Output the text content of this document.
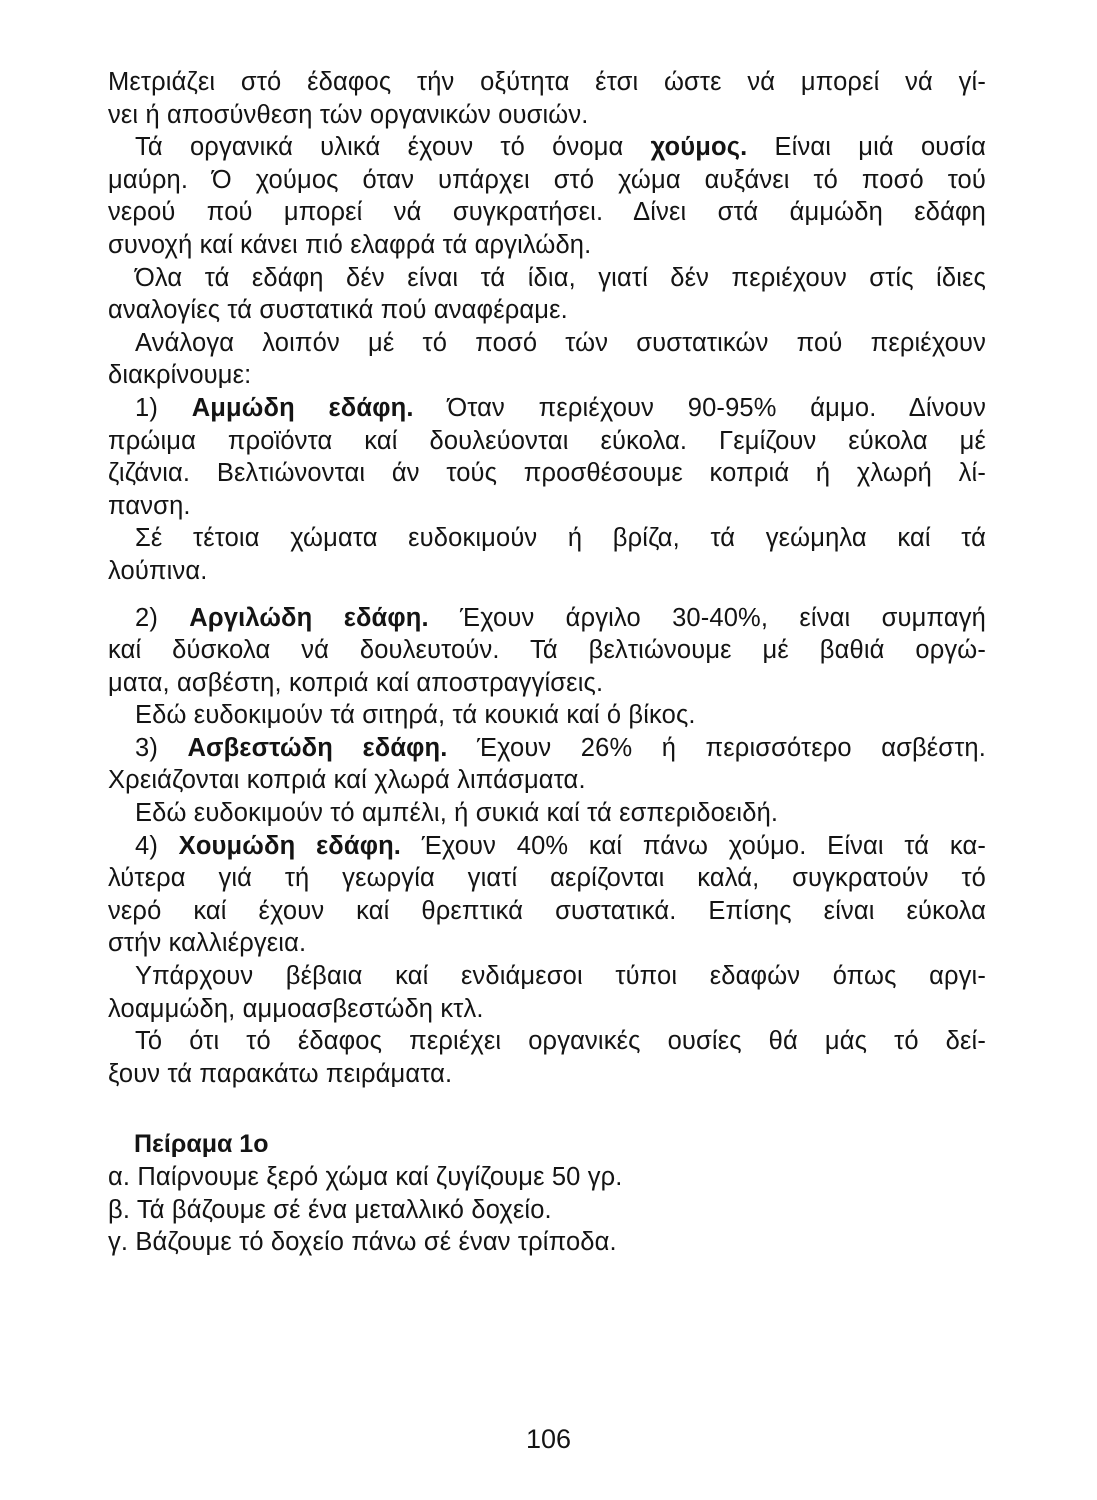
Μετριάζει στό έδαφος τήν οξύτητα έτσι ώστε νά μπορεί νά γί-
νει ή αποσύνθεση τών οργανικών ουσιών.
Τά οργανικά υλικά έχουν τό όνομα χούμος. Είναι μιά ουσία
μαύρη. Ό χούμος όταν υπάρχει στό χώμα αυξάνει τό ποσό τού
νερού πού μπορεί νά συγκρατήσει. Δίνει στά άμμώδη εδάφη
συνοχή καί κάνει πιό ελαφρά τά αργιλώδη.
Όλα τά εδάφη δέν είναι τά ίδια, γιατί δέν περιέχουν στίς ίδιες
αναλογίες τά συστατικά πού αναφέραμε.
Ανάλογα λοιπόν μέ τό ποσό τών συστατικών πού περιέχουν
διακρίνουμε:
1) Αμμώδη εδάφη. Όταν περιέχουν 90-95% άμμο. Δίνουν
πρώιμα προϊόντα καί δουλεύονται εύκολα. Γεμίζουν εύκολα μέ
ζιζάνια. Βελτιώνονται άν τούς προσθέσουμε κοπριά ή χλωρή λί-
πανση.
Σέ τέτοια χώματα ευδοκιμούν ή βρίζα, τά γεώμηλα καί τά
λούπινα.
2) Αργιλώδη εδάφη. Έχουν άργιλο 30-40%, είναι συμπαγή
καί δύσκολα νά δουλευτούν. Τά βελτιώνουμε μέ βαθιά οργώ-
ματα, ασβέστη, κοπριά καί αποστραγγίσεις.
Εδώ ευδοκιμούν τά σιτηρά, τά κουκιά καί ό βίκος.
3) Ασβεστώδη εδάφη. Έχουν 26% ή περισσότερο ασβέστη.
Χρειάζονται κοπριά καί χλωρά λιπάσματα.
Εδώ ευδοκιμούν τό αμπέλι, ή συκιά καί τά εσπεριδοειδή.
4) Χουμώδη εδάφη. Έχουν 40% καί πάνω χούμο. Είναι τά κα-
λύτερα γιά τή γεωργία γιατί αερίζονται καλά, συγκρατούν τό
νερό καί έχουν καί θρεπτικά συστατικά. Επίσης είναι εύκολα
στήν καλλιέργεια.
Υπάρχουν βέβαια καί ενδιάμεσοι τύποι εδαφών όπως αργι-
λοαμμώδη, αμμοασβεστώδη κτλ.
Τό ότι τό έδαφος περιέχει οργανικές ουσίες θά μάς τό δεί-
ξουν τά παρακάτω πειράματα.
Πείραμα 1ο
α. Παίρνουμε ξερό χώμα καί ζυγίζουμε 50 γρ.
β. Τά βάζουμε σέ ένα μεταλλικό δοχείο.
γ. Βάζουμε τό δοχείο πάνω σέ έναν τρίποδα.
106
